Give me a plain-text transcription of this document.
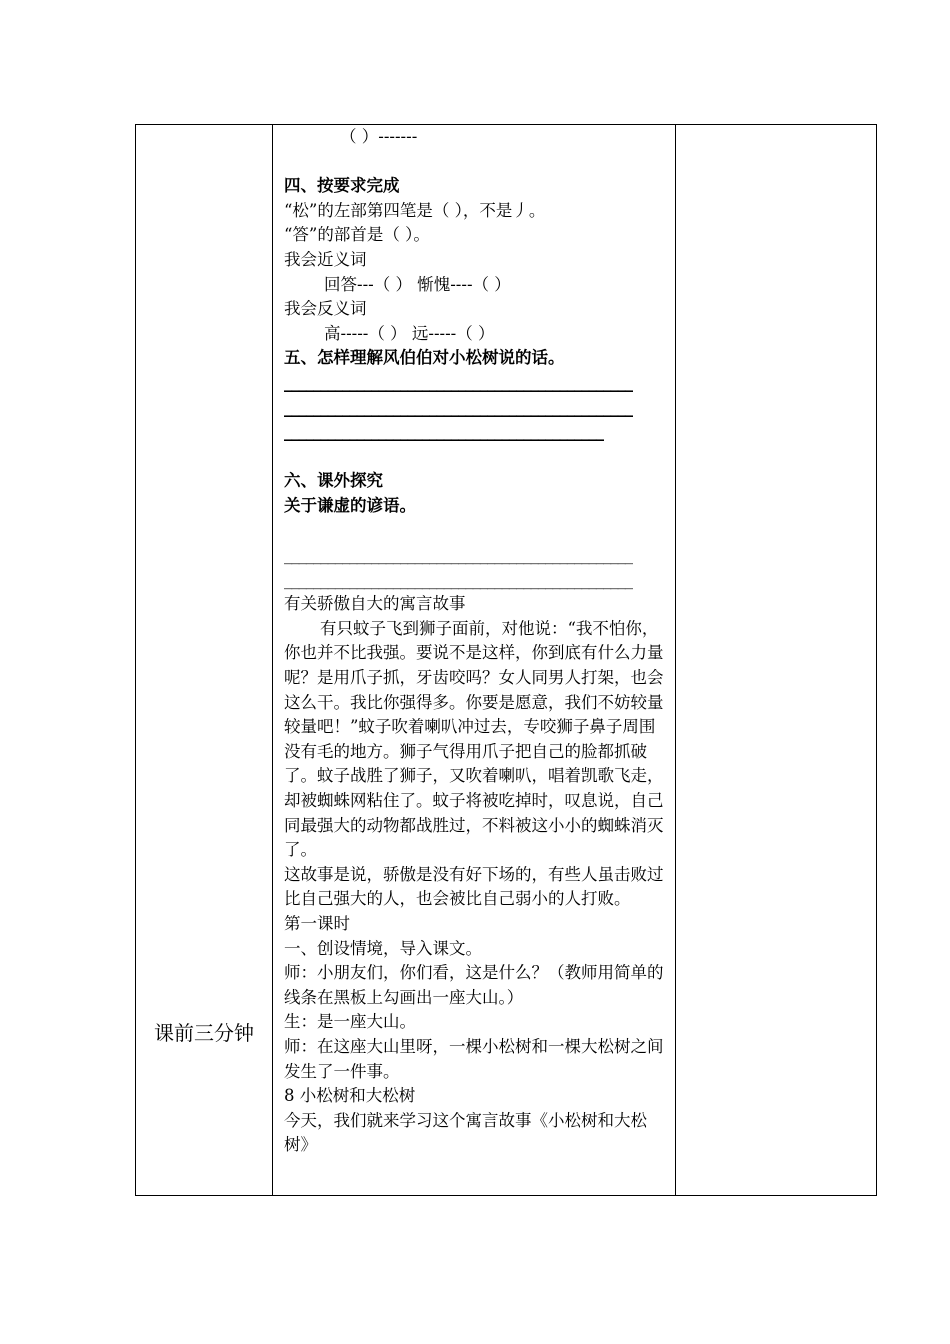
课前三分钟
（ ）-------
四、按要求完成
“松”的左部第四笔是（ ），不是丿。
“答”的部首是（ ）。
我会近义词
回答---（ ） 惭愧----（ ）
我会反义词
高-----（ ） 远-----（ ）
五、怎样理解风伯伯对小松树说的话。
________________________________________________
________________________________________________
____________________________________________
六、课外探究
关于谦虚的谚语。
________________________________________________
________________________________________________
有关骄傲自大的寓言故事
有只蚊子飞到狮子面前，对他说：“我不怕你，你也并不比我强。要说不是这样，你到底有什么力量呢？是用爪子抓，牙齿咬吗？女人同男人打架，也会这么干。我比你强得多。你要是愿意，我们不妨较量较量吧！”蚊子吹着喇叭冲过去，专咬狮子鼻子周围没有毛的地方。狮子气得用爪子把自己的脸都抓破了。蚊子战胜了狮子，又吹着喇叭，唱着凯歌飞走，却被蜘蛛网粘住了。蚊子将被吃掉时，叹息说，自己同最强大的动物都战胜过，不料被这小小的蜘蛛消灭了。
这故事是说，骄傲是没有好下场的，有些人虽击败过比自己强大的人，也会被比自己弱小的人打败。
第一课时
一、创设情境，导入课文。
师：小朋友们，你们看，这是什么？（教师用简单的线条在黑板上勾画出一座大山。）
生：是一座大山。
师：在这座大山里呀，一棵小松树和一棵大松树之间发生了一件事。
8 小松树和大松树
今天，我们就来学习这个寓言故事《小松树和大松树》
